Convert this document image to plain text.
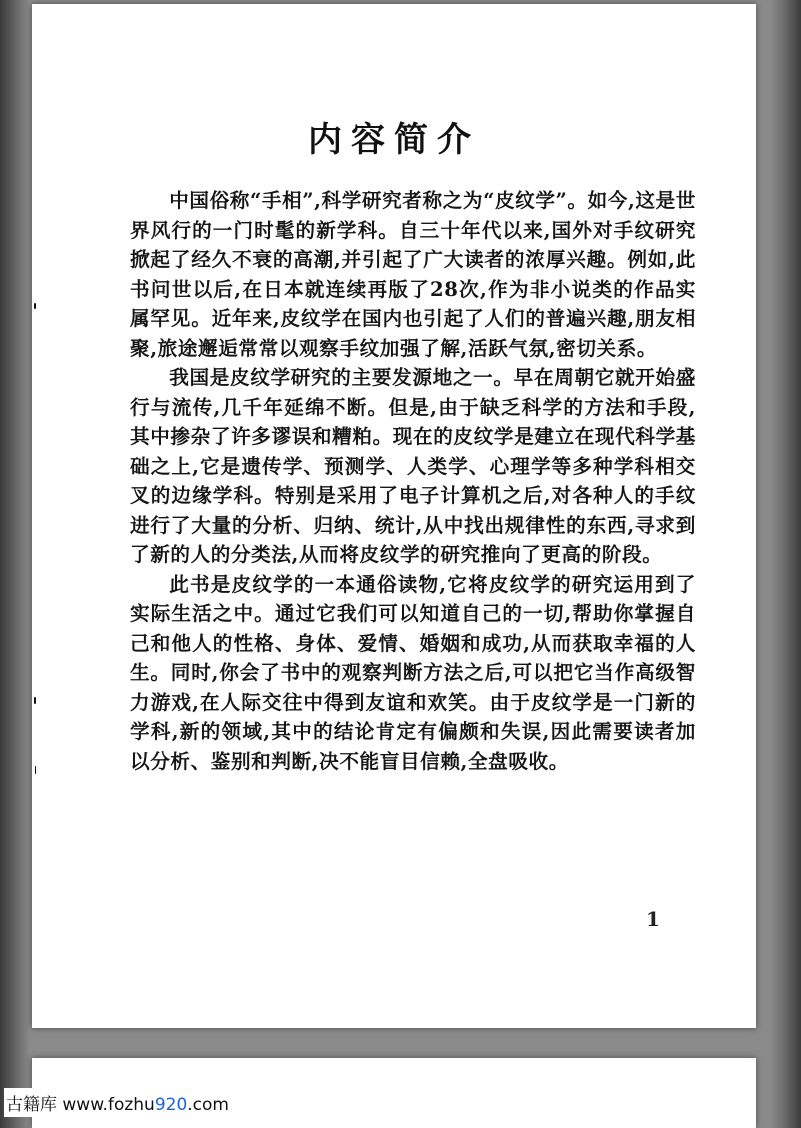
内容简介

中国俗称“手相”,科学研究者称之为“皮纹学”。如今,这是世界风行的一门时髦的新学科。自三十年代以来,国外对手纹研究掀起了经久不衰的高潮,并引起了广大读者的浓厚兴趣。例如,此书问世以后,在日本就连续再版了28次,作为非小说类的作品实属罕见。近年来,皮纹学在国内也引起了人们的普遍兴趣,朋友相聚,旅途邂逅常常以观察手纹加强了解,活跃气氛,密切关系。

我国是皮纹学研究的主要发源地之一。早在周朝它就开始盛行与流传,几千年延绵不断。但是,由于缺乏科学的方法和手段,其中掺杂了许多谬误和糟粕。现在的皮纹学是建立在现代科学基础之上,它是遗传学、预测学、人类学、心理学等多种学科相交叉的边缘学科。特别是采用了电子计算机之后,对各种人的手纹进行了大量的分析、归纳、统计,从中找出规律性的东西,寻求到了新的人的分类法,从而将皮纹学的研究推向了更高的阶段。

此书是皮纹学的一本通俗读物,它将皮纹学的研究运用到了实际生活之中。通过它我们可以知道自己的一切,帮助你掌握自己和他人的性格、身体、爱情、婚姻和成功,从而获取幸福的人生。同时,你会了书中的观察判断方法之后,可以把它当作高级智力游戏,在人际交往中得到友谊和欢笑。由于皮纹学是一门新的学科,新的领域,其中的结论肯定有偏颇和失误,因此需要读者加以分析、鉴别和判断,决不能盲目信赖,全盘吸收。

1
古籍库 www.fozhu920.com
